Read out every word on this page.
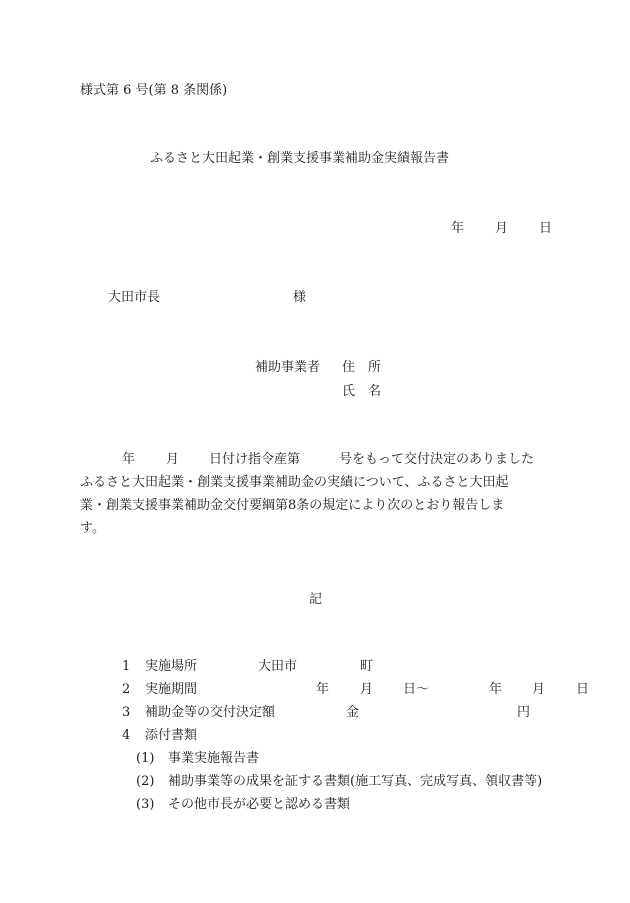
様式第 6 号(第 8 条関係)
ふるさと大田起業・創業支援事業補助金実績報告書
年 月 日
大田市長	様
補助事業者 住　所
氏　名
年 月 日付け指令産第	号をもって交付決定のありました
ふるさと大田起業・創業支援事業補助金の実績について、ふるさと大田起
業・創業支援事業補助金交付要綱第8条の規定により次のとおり報告しま
す。
記
1 実施場所	大田市	町
2 実施期間	年 月 日～	年 月 日
3 補助金等の交付決定額	金	円
4 添付書類
(1) 事業実施報告書
(2) 補助事業等の成果を証する書類(施工写真、完成写真、領収書等)
(3) その他市長が必要と認める書類
